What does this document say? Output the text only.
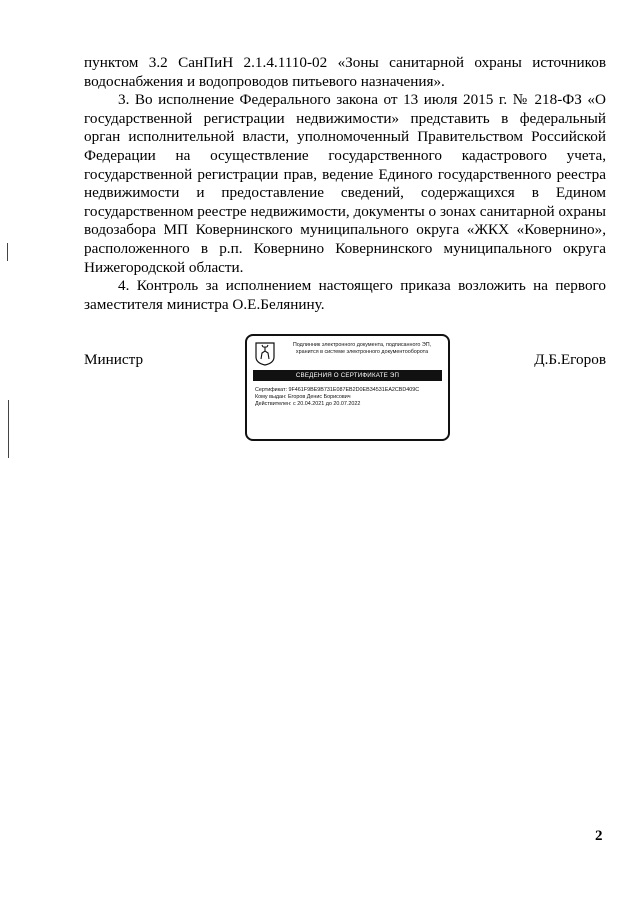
пунктом 3.2 СанПиН 2.1.4.1110-02 «Зоны санитарной охраны источников водоснабжения и водопроводов питьевого назначения».

3. Во исполнение Федерального закона от 13 июля 2015 г. № 218-ФЗ «О государственной регистрации недвижимости» представить в федеральный орган исполнительной власти, уполномоченный Правительством Российской Федерации на осуществление государственного кадастрового учета, государственной регистрации прав, ведение Единого государственного реестра недвижимости и предоставление сведений, содержащихся в Едином государственном реестре недвижимости, документы о зонах санитарной охраны водозабора МП Ковернинского муниципального округа «ЖКХ «Ковернино», расположенного в р.п. Ковернино Ковернинского муниципального округа Нижегородской области.

4. Контроль за исполнением настоящего приказа возложить на первого заместителя министра О.Е.Белянину.

Министр	Д.Б.Егоров
Подлинник электронного документа, подписанного ЭП, хранится в системе электронного документооборота
СВЕДЕНИЯ О СЕРТИФИКАТЕ ЭП
Сертификат: 9F461F9BE9B731E087EB2D0EB34531EA2CBD409C
Кому выдан: Егоров Денис Борисович
Действителен: с 20.04.2021 до 20.07.2022
2
